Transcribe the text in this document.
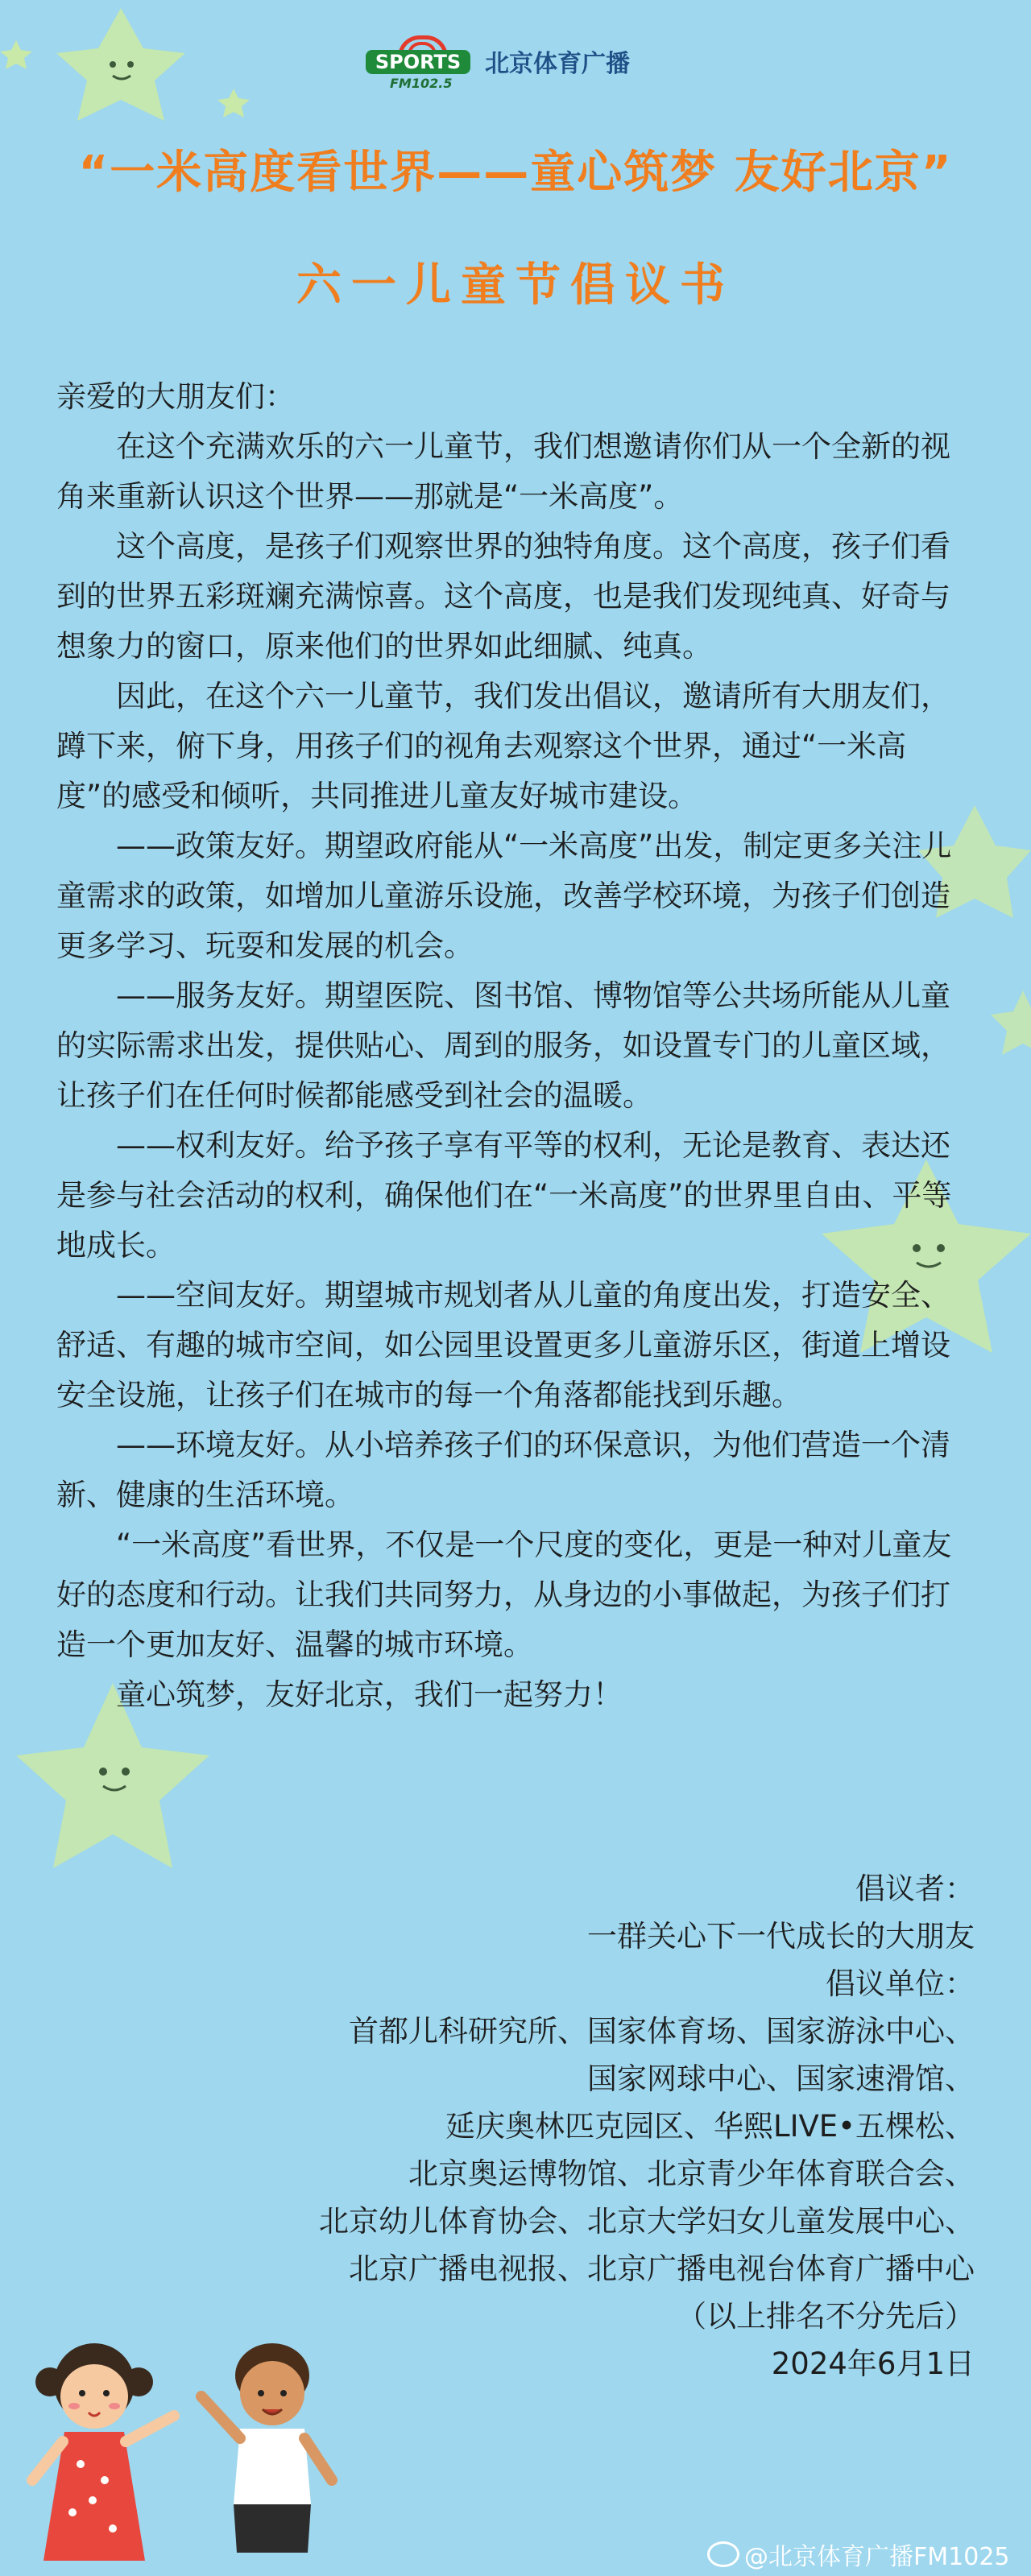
SPORTS
FM102.5
北京体育广播
“一米高度看世界——童心筑梦 友好北京”
六一儿童节倡议书

亲爱的大朋友们：

在这个充满欢乐的六一儿童节，我们想邀请你们从一个全新的视角来重新认识这个世界——那就是“一米高度”。

这个高度，是孩子们观察世界的独特角度。这个高度，孩子们看到的世界五彩斑斓充满惊喜。这个高度，也是我们发现纯真、好奇与想象力的窗口，原来他们的世界如此细腻、纯真。

因此，在这个六一儿童节，我们发出倡议，邀请所有大朋友们，蹲下来，俯下身，用孩子们的视角去观察这个世界，通过“一米高度”的感受和倾听，共同推进儿童友好城市建设。

——政策友好。期望政府能从“一米高度”出发，制定更多关注儿童需求的政策，如增加儿童游乐设施，改善学校环境，为孩子们创造更多学习、玩耍和发展的机会。

——服务友好。期望医院、图书馆、博物馆等公共场所能从儿童的实际需求出发，提供贴心、周到的服务，如设置专门的儿童区域，让孩子们在任何时候都能感受到社会的温暖。

——权利友好。给予孩子享有平等的权利，无论是教育、表达还是参与社会活动的权利，确保他们在“一米高度”的世界里自由、平等地成长。

——空间友好。期望城市规划者从儿童的角度出发，打造安全、舒适、有趣的城市空间，如公园里设置更多儿童游乐区，街道上增设安全设施，让孩子们在城市的每一个角落都能找到乐趣。

——环境友好。从小培养孩子们的环保意识，为他们营造一个清新、健康的生活环境。

“一米高度”看世界，不仅是一个尺度的变化，更是一种对儿童友好的态度和行动。让我们共同努力，从身边的小事做起，为孩子们打造一个更加友好、温馨的城市环境。

童心筑梦，友好北京，我们一起努力！

倡议者：
一群关心下一代成长的大朋友
倡议单位：
首都儿科研究所、国家体育场、国家游泳中心、
国家网球中心、国家速滑馆、
延庆奥林匹克园区、华熙LIVE•五棵松、
北京奥运博物馆、北京青少年体育联合会、
北京幼儿体育协会、北京大学妇女儿童发展中心、
北京广播电视报、北京广播电视台体育广播中心
（以上排名不分先后）
2024年6月1日
@北京体育广播FM1025
